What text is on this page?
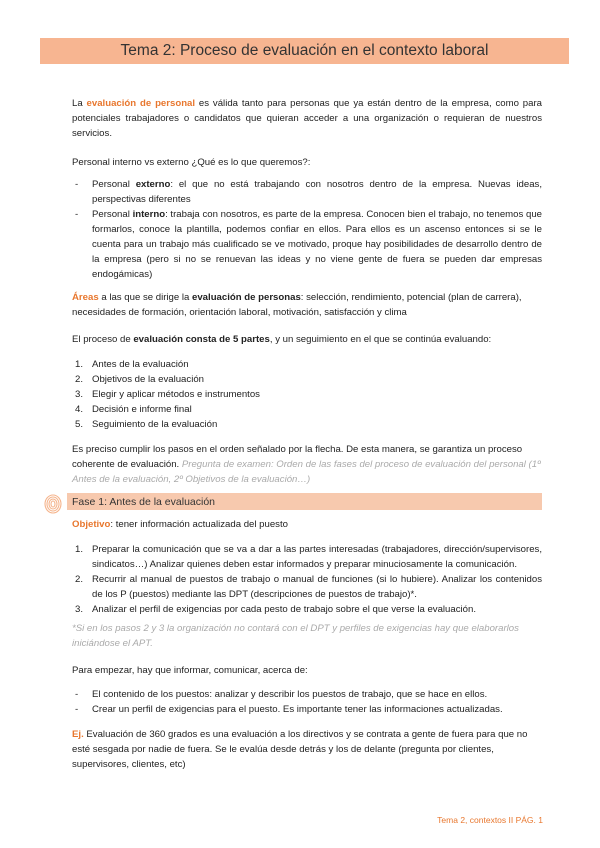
Tema 2: Proceso de evaluación en el contexto laboral

La evaluación de personal es válida tanto para personas que ya están dentro de la empresa, como para potenciales trabajadores o candidatos que quieran acceder a una organización o requieran de nuestros servicios.

Personal interno vs externo ¿Qué es lo que queremos?:

- Personal externo: el que no está trabajando con nosotros dentro de la empresa. Nuevas ideas, perspectivas diferentes
- Personal interno: trabaja con nosotros, es parte de la empresa. Conocen bien el trabajo, no tenemos que formarlos, conoce la plantilla, podemos confiar en ellos. Para ellos es un ascenso entonces si se le cuenta para un trabajo más cualificado se ve motivado, proque hay posibilidades de desarrollo dentro de la empresa (pero si no se renuevan las ideas y no viene gente de fuera se pueden dar empresas endogámicas)

Áreas a las que se dirige la evaluación de personas: selección, rendimiento, potencial (plan de carrera), necesidades de formación, orientación laboral, motivación, satisfacción y clima

El proceso de evaluación consta de 5 partes, y un seguimiento en el que se continúa evaluando:

1. Antes de la evaluación
2. Objetivos de la evaluación
3. Elegir y aplicar métodos e instrumentos
4. Decisión e informe final
5. Seguimiento de la evaluación

Es preciso cumplir los pasos en el orden señalado por la flecha. De esta manera, se garantiza un proceso coherente de evaluación. Pregunta de examen: Orden de las fases del proceso de evaluación del personal (1º Antes de la evaluación, 2º Objetivos de la evaluación…)

Fase 1: Antes de la evaluación

Objetivo: tener información actualizada del puesto

1. Preparar la comunicación que se va a dar a las partes interesadas (trabajadores, dirección/supervisores, sindicatos…) Analizar quienes deben estar informados y preparar minuciosamente la comunicación.
2. Recurrir al manual de puestos de trabajo o manual de funciones (si lo hubiere). Analizar los contenidos de los P (puestos) mediante las DPT (descripciones de puestos de trabajo)*.
3. Analizar el perfil de exigencias por cada pesto de trabajo sobre el que verse la evaluación.

*Si en los pasos 2 y 3 la organización no contará con el DPT y perfiles de exigencias hay que elaborarlos iniciándose el APT.

Para empezar, hay que informar, comunicar, acerca de:

- El contenido de los puestos: analizar y describir los puestos de trabajo, que se hace en ellos.
- Crear un perfil de exigencias para el puesto. Es importante tener las informaciones actualizadas.

Ej. Evaluación de 360 grados es una evaluación a los directivos y se contrata a gente de fuera para que no esté sesgada por nadie de fuera. Se le evalúa desde detrás y los de delante (pregunta por clientes, supervisores, clientes, etc)

Tema 2, contextos II PÁG. 1
